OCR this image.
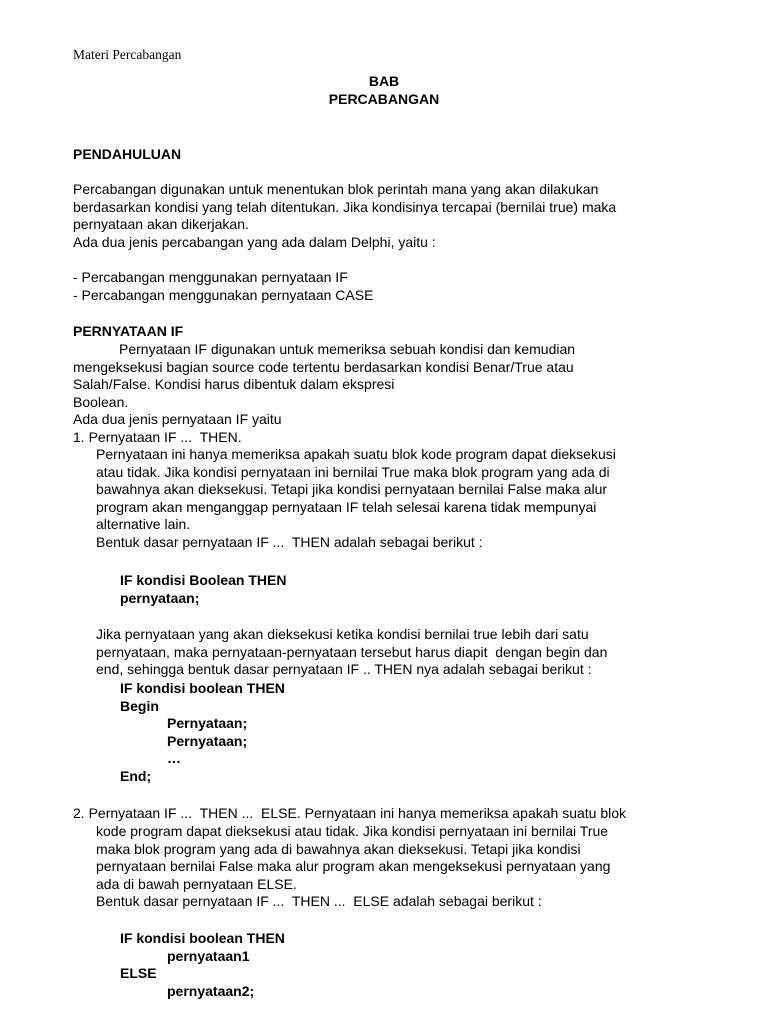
Materi Percabangan
BAB
PERCABANGAN
PENDAHULUAN
Percabangan digunakan untuk menentukan blok perintah mana yang akan dilakukan
berdasarkan kondisi yang telah ditentukan. Jika kondisinya tercapai (bernilai true) maka
pernyataan akan dikerjakan.
Ada dua jenis percabangan yang ada dalam Delphi, yaitu :
- Percabangan menggunakan pernyataan IF
- Percabangan menggunakan pernyataan CASE
PERNYATAAN IF
Pernyataan IF digunakan untuk memeriksa sebuah kondisi dan kemudian
mengeksekusi bagian source code tertentu berdasarkan kondisi Benar/True atau
Salah/False. Kondisi harus dibentuk dalam ekspresi
Boolean.
Ada dua jenis pernyataan IF yaitu
1. Pernyataan IF ...  THEN.
Pernyataan ini hanya memeriksa apakah suatu blok kode program dapat dieksekusi
atau tidak. Jika kondisi pernyataan ini bernilai True maka blok program yang ada di
bawahnya akan dieksekusi. Tetapi jika kondisi pernyataan bernilai False maka alur
program akan menganggap pernyataan IF telah selesai karena tidak mempunyai
alternative lain.
Bentuk dasar pernyataan IF ...  THEN adalah sebagai berikut :
IF kondisi Boolean THEN
pernyataan;
Jika pernyataan yang akan dieksekusi ketika kondisi bernilai true lebih dari satu
pernyataan, maka pernyataan-pernyataan tersebut harus diapit  dengan begin dan
end, sehingga bentuk dasar pernyataan IF .. THEN nya adalah sebagai berikut :
IF kondisi boolean THEN
Begin
Pernyataan;
Pernyataan;
…
End;
2. Pernyataan IF ...  THEN ...  ELSE. Pernyataan ini hanya memeriksa apakah suatu blok
kode program dapat dieksekusi atau tidak. Jika kondisi pernyataan ini bernilai True
maka blok program yang ada di bawahnya akan dieksekusi. Tetapi jika kondisi
pernyataan bernilai False maka alur program akan mengeksekusi pernyataan yang
ada di bawah pernyataan ELSE.
Bentuk dasar pernyataan IF ...  THEN ...  ELSE adalah sebagai berikut :
IF kondisi boolean THEN
pernyataan1
ELSE
pernyataan2;
